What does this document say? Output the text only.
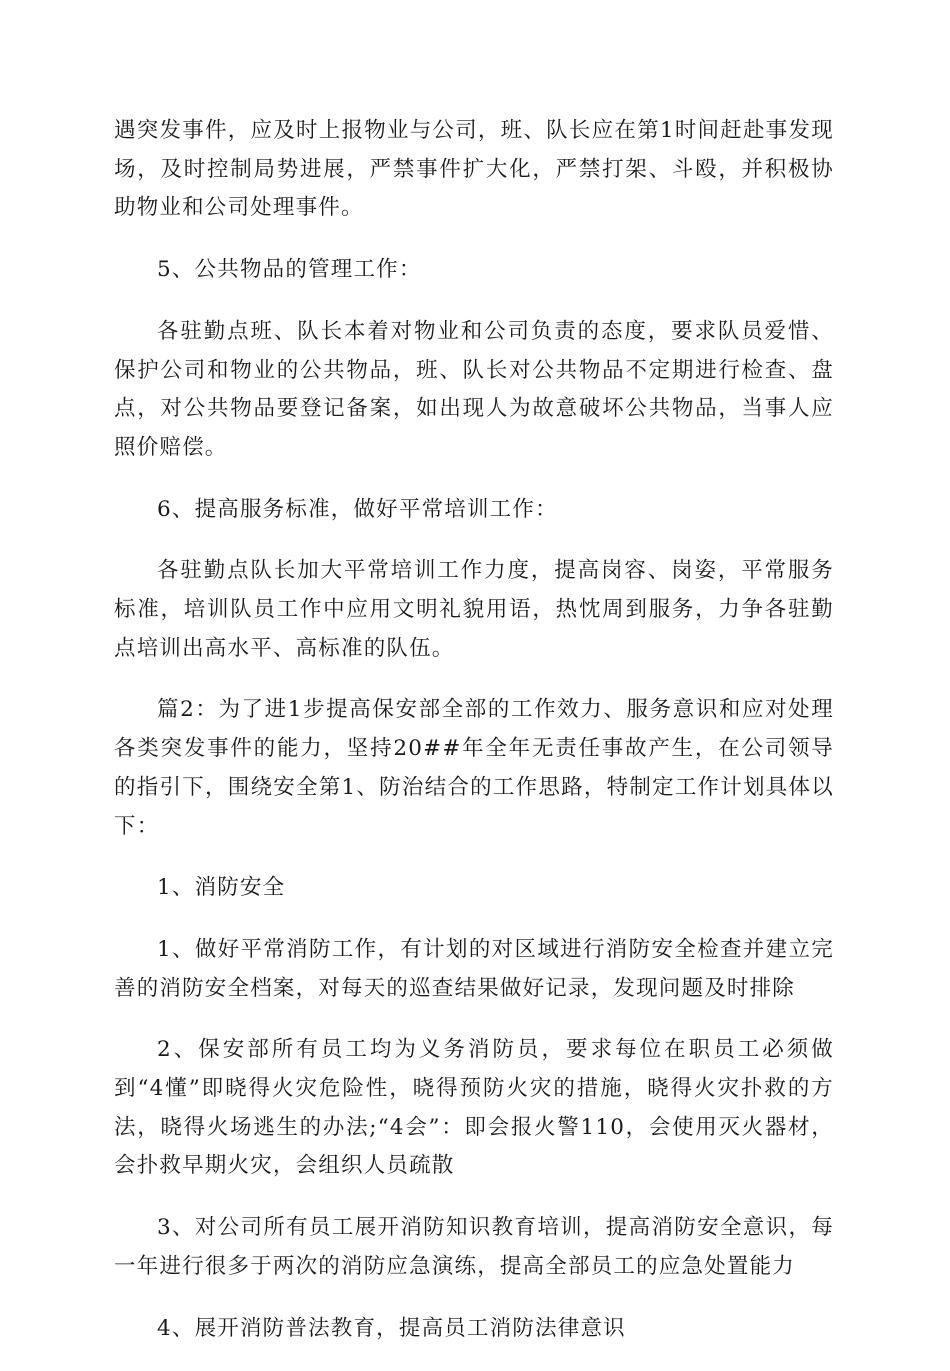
遇突发事件，应及时上报物业与公司，班、队长应在第1时间赶赴事发现场，及时控制局势进展，严禁事件扩大化，严禁打架、斗殴，并积极协助物业和公司处理事件。

5、公共物品的管理工作：

各驻勤点班、队长本着对物业和公司负责的态度，要求队员爱惜、保护公司和物业的公共物品，班、队长对公共物品不定期进行检查、盘点，对公共物品要登记备案，如出现人为故意破坏公共物品，当事人应照价赔偿。

6、提高服务标准，做好平常培训工作：

各驻勤点队长加大平常培训工作力度，提高岗容、岗姿，平常服务标准，培训队员工作中应用文明礼貌用语，热忱周到服务，力争各驻勤点培训出高水平、高标准的队伍。

篇2：为了进1步提高保安部全部的工作效力、服务意识和应对处理各类突发事件的能力，坚持20##年全年无责任事故产生，在公司领导的指引下，围绕安全第1、防治结合的工作思路，特制定工作计划具体以下：

1、消防安全

1、做好平常消防工作，有计划的对区域进行消防安全检查并建立完善的消防安全档案，对每天的巡查结果做好记录，发现问题及时排除

2、保安部所有员工均为义务消防员，要求每位在职员工必须做到“4懂”即晓得火灾危险性，晓得预防火灾的措施，晓得火灾扑救的方法，晓得火场逃生的办法;“4会”：即会报火警110，会使用灭火器材，会扑救早期火灾，会组织人员疏散

3、对公司所有员工展开消防知识教育培训，提高消防安全意识，每一年进行很多于两次的消防应急演练，提高全部员工的应急处置能力

4、展开消防普法教育，提高员工消防法律意识
